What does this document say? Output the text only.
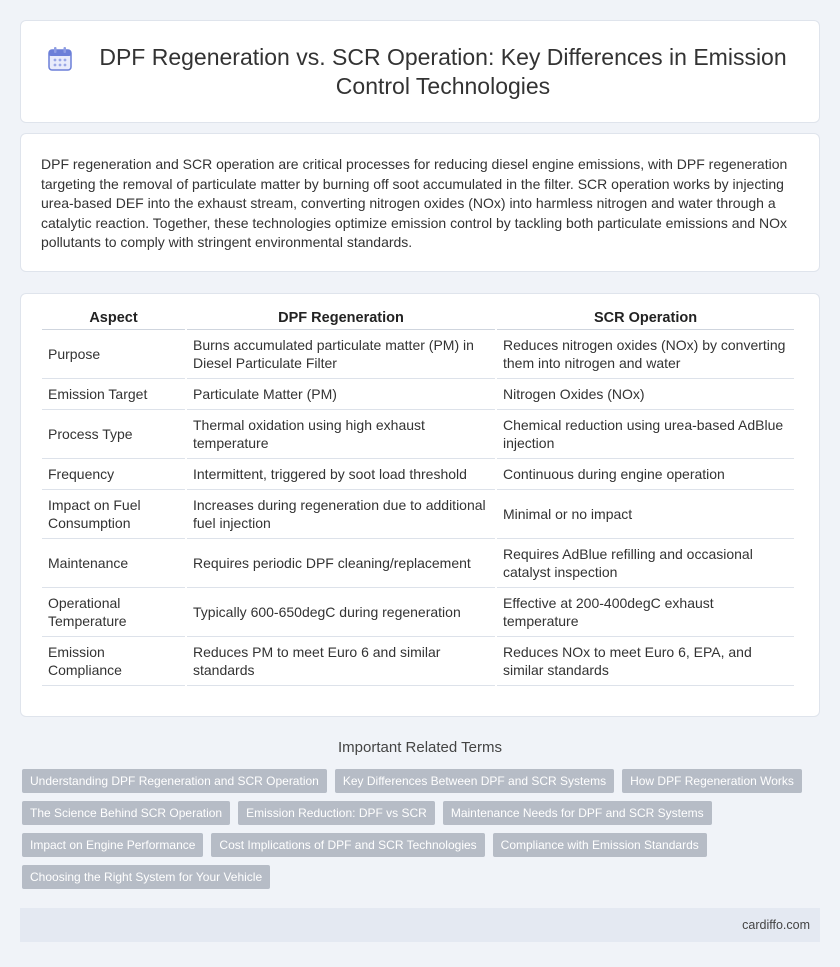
DPF Regeneration vs. SCR Operation: Key Differences in Emission Control Technologies

DPF regeneration and SCR operation are critical processes for reducing diesel engine emissions, with DPF regeneration targeting the removal of particulate matter by burning off soot accumulated in the filter. SCR operation works by injecting urea-based DEF into the exhaust stream, converting nitrogen oxides (NOx) into harmless nitrogen and water through a catalytic reaction. Together, these technologies optimize emission control by tackling both particulate emissions and NOx pollutants to comply with stringent environmental standards.

Aspect	DPF Regeneration	SCR Operation
Purpose	Burns accumulated particulate matter (PM) in Diesel Particulate Filter	Reduces nitrogen oxides (NOx) by converting them into nitrogen and water
Emission Target	Particulate Matter (PM)	Nitrogen Oxides (NOx)
Process Type	Thermal oxidation using high exhaust temperature	Chemical reduction using urea-based AdBlue injection
Frequency	Intermittent, triggered by soot load threshold	Continuous during engine operation
Impact on Fuel Consumption	Increases during regeneration due to additional fuel injection	Minimal or no impact
Maintenance	Requires periodic DPF cleaning/replacement	Requires AdBlue refilling and occasional catalyst inspection
Operational Temperature	Typically 600-650degC during regeneration	Effective at 200-400degC exhaust temperature
Emission Compliance	Reduces PM to meet Euro 6 and similar standards	Reduces NOx to meet Euro 6, EPA, and similar standards
Important Related Terms
Understanding DPF Regeneration and SCR Operation	Key Differences Between DPF and SCR Systems	How DPF Regeneration Works
The Science Behind SCR Operation	Emission Reduction: DPF vs SCR	Maintenance Needs for DPF and SCR Systems
Impact on Engine Performance	Cost Implications of DPF and SCR Technologies	Compliance with Emission Standards
Choosing the Right System for Your Vehicle
cardiffo.com
